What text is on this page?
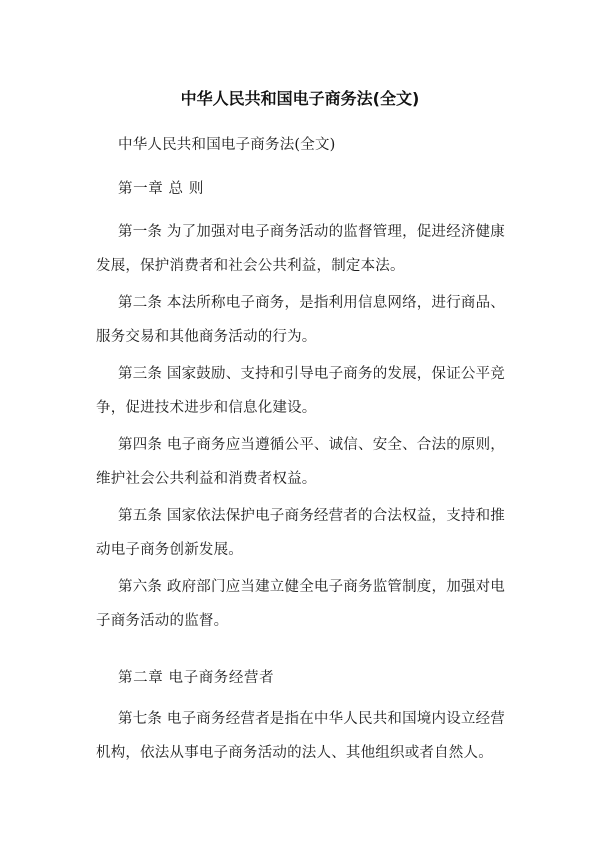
中华人民共和国电子商务法(全文)

中华人民共和国电子商务法(全文)

第一章 总 则

第一条 为了加强对电子商务活动的监督管理，促进经济健康发展，保护消费者和社会公共利益，制定本法。

第二条 本法所称电子商务，是指利用信息网络，进行商品、服务交易和其他商务活动的行为。

第三条 国家鼓励、支持和引导电子商务的发展，保证公平竞争，促进技术进步和信息化建设。

第四条 电子商务应当遵循公平、诚信、安全、合法的原则，维护社会公共利益和消费者权益。

第五条 国家依法保护电子商务经营者的合法权益，支持和推动电子商务创新发展。

第六条 政府部门应当建立健全电子商务监管制度，加强对电子商务活动的监督。

第二章 电子商务经营者

第七条 电子商务经营者是指在中华人民共和国境内设立经营机构，依法从事电子商务活动的法人、其他组织或者自然人。
